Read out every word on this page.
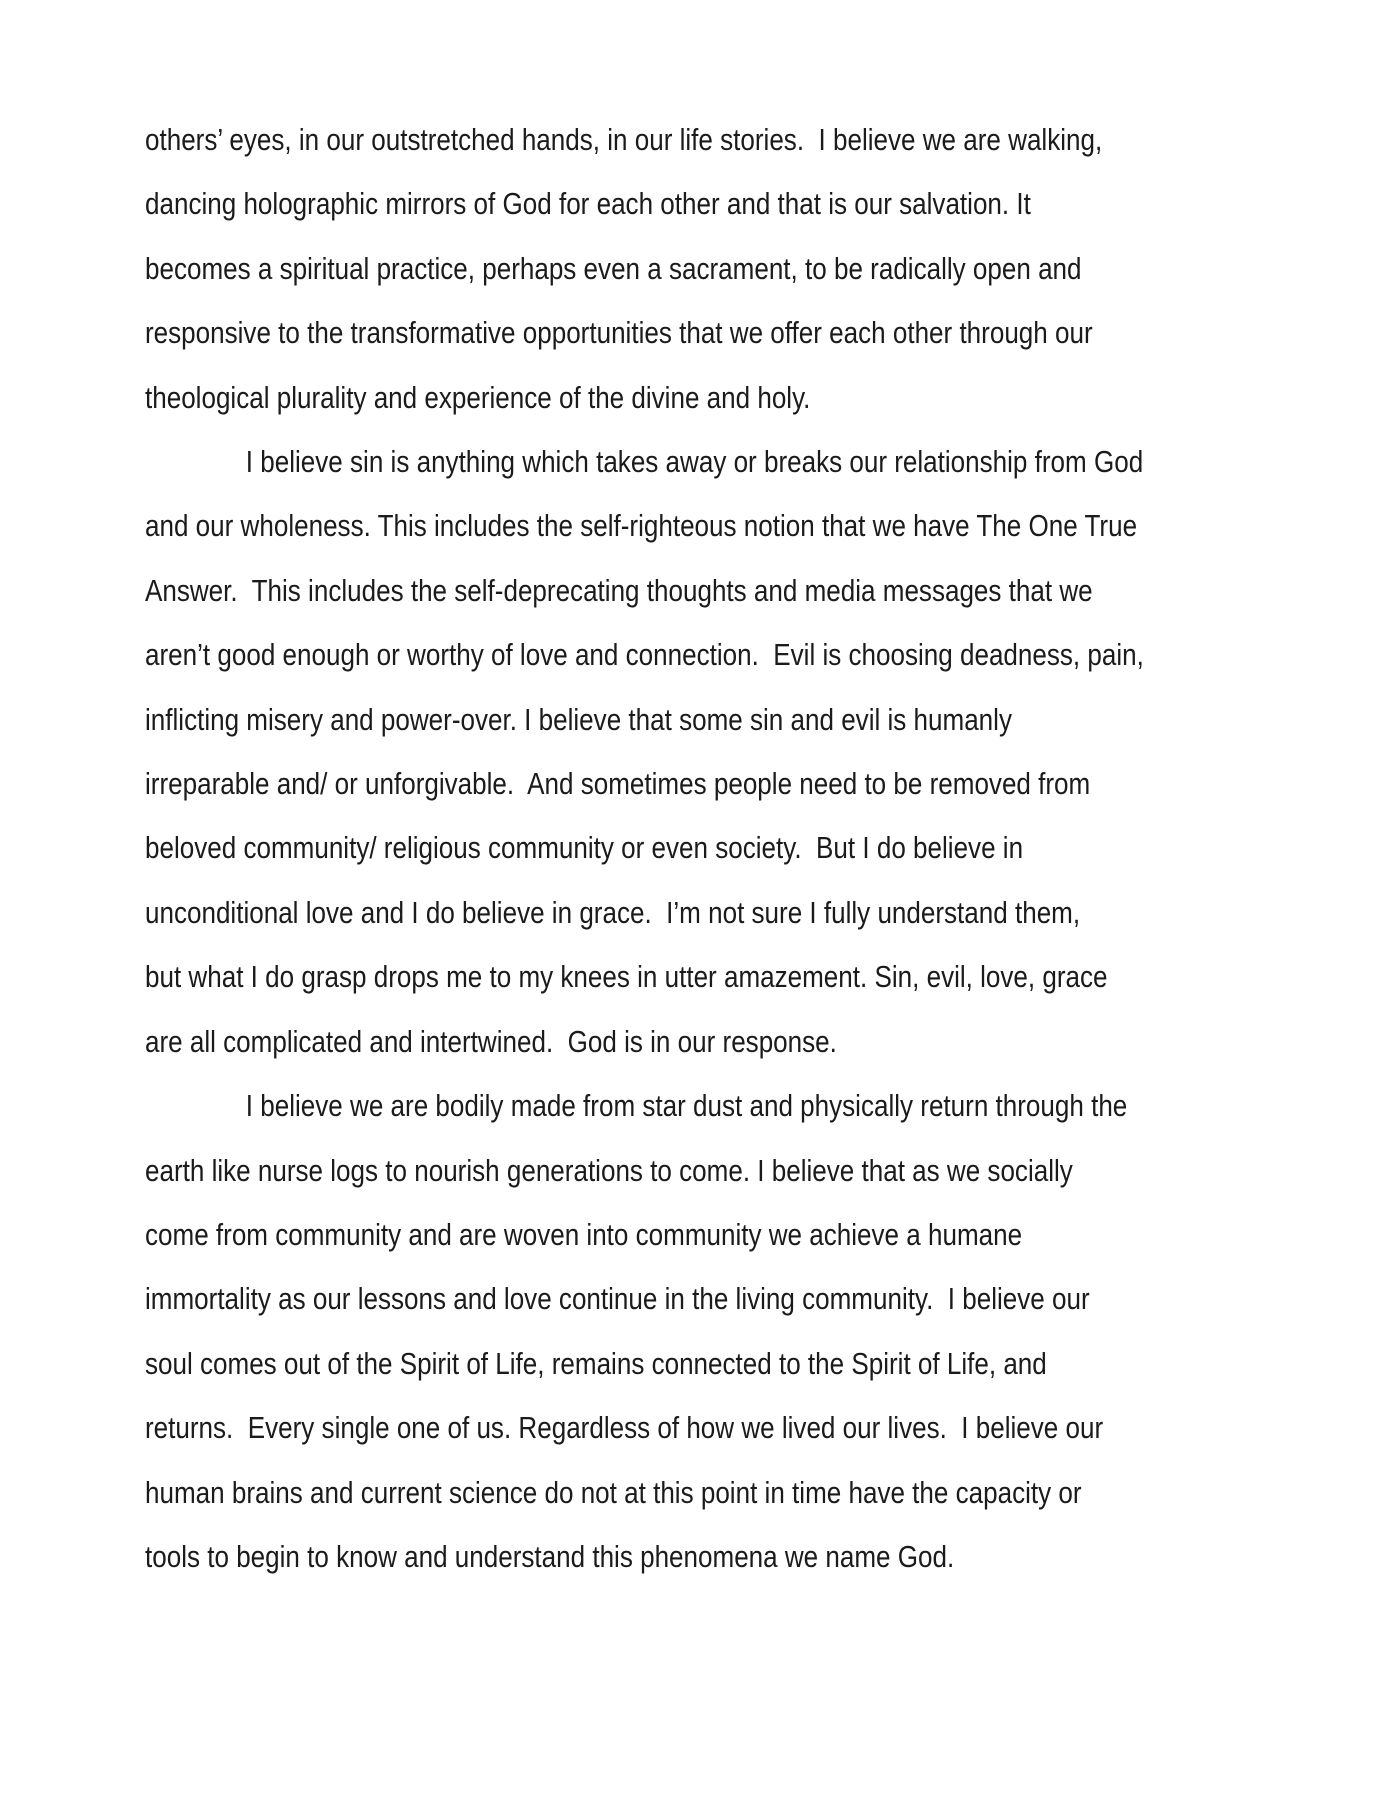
others’ eyes, in our outstretched hands, in our life stories.  I believe we are walking,
dancing holographic mirrors of God for each other and that is our salvation. It
becomes a spiritual practice, perhaps even a sacrament, to be radically open and
responsive to the transformative opportunities that we offer each other through our
theological plurality and experience of the divine and holy.
I believe sin is anything which takes away or breaks our relationship from God
and our wholeness. This includes the self-righteous notion that we have The One True
Answer.  This includes the self-deprecating thoughts and media messages that we
aren’t good enough or worthy of love and connection.  Evil is choosing deadness, pain,
inflicting misery and power-over. I believe that some sin and evil is humanly
irreparable and/ or unforgivable.  And sometimes people need to be removed from
beloved community/ religious community or even society.  But I do believe in
unconditional love and I do believe in grace.  I’m not sure I fully understand them,
but what I do grasp drops me to my knees in utter amazement. Sin, evil, love, grace
are all complicated and intertwined.  God is in our response.
I believe we are bodily made from star dust and physically return through the
earth like nurse logs to nourish generations to come. I believe that as we socially
come from community and are woven into community we achieve a humane
immortality as our lessons and love continue in the living community.  I believe our
soul comes out of the Spirit of Life, remains connected to the Spirit of Life, and
returns.  Every single one of us. Regardless of how we lived our lives.  I believe our
human brains and current science do not at this point in time have the capacity or
tools to begin to know and understand this phenomena we name God.
